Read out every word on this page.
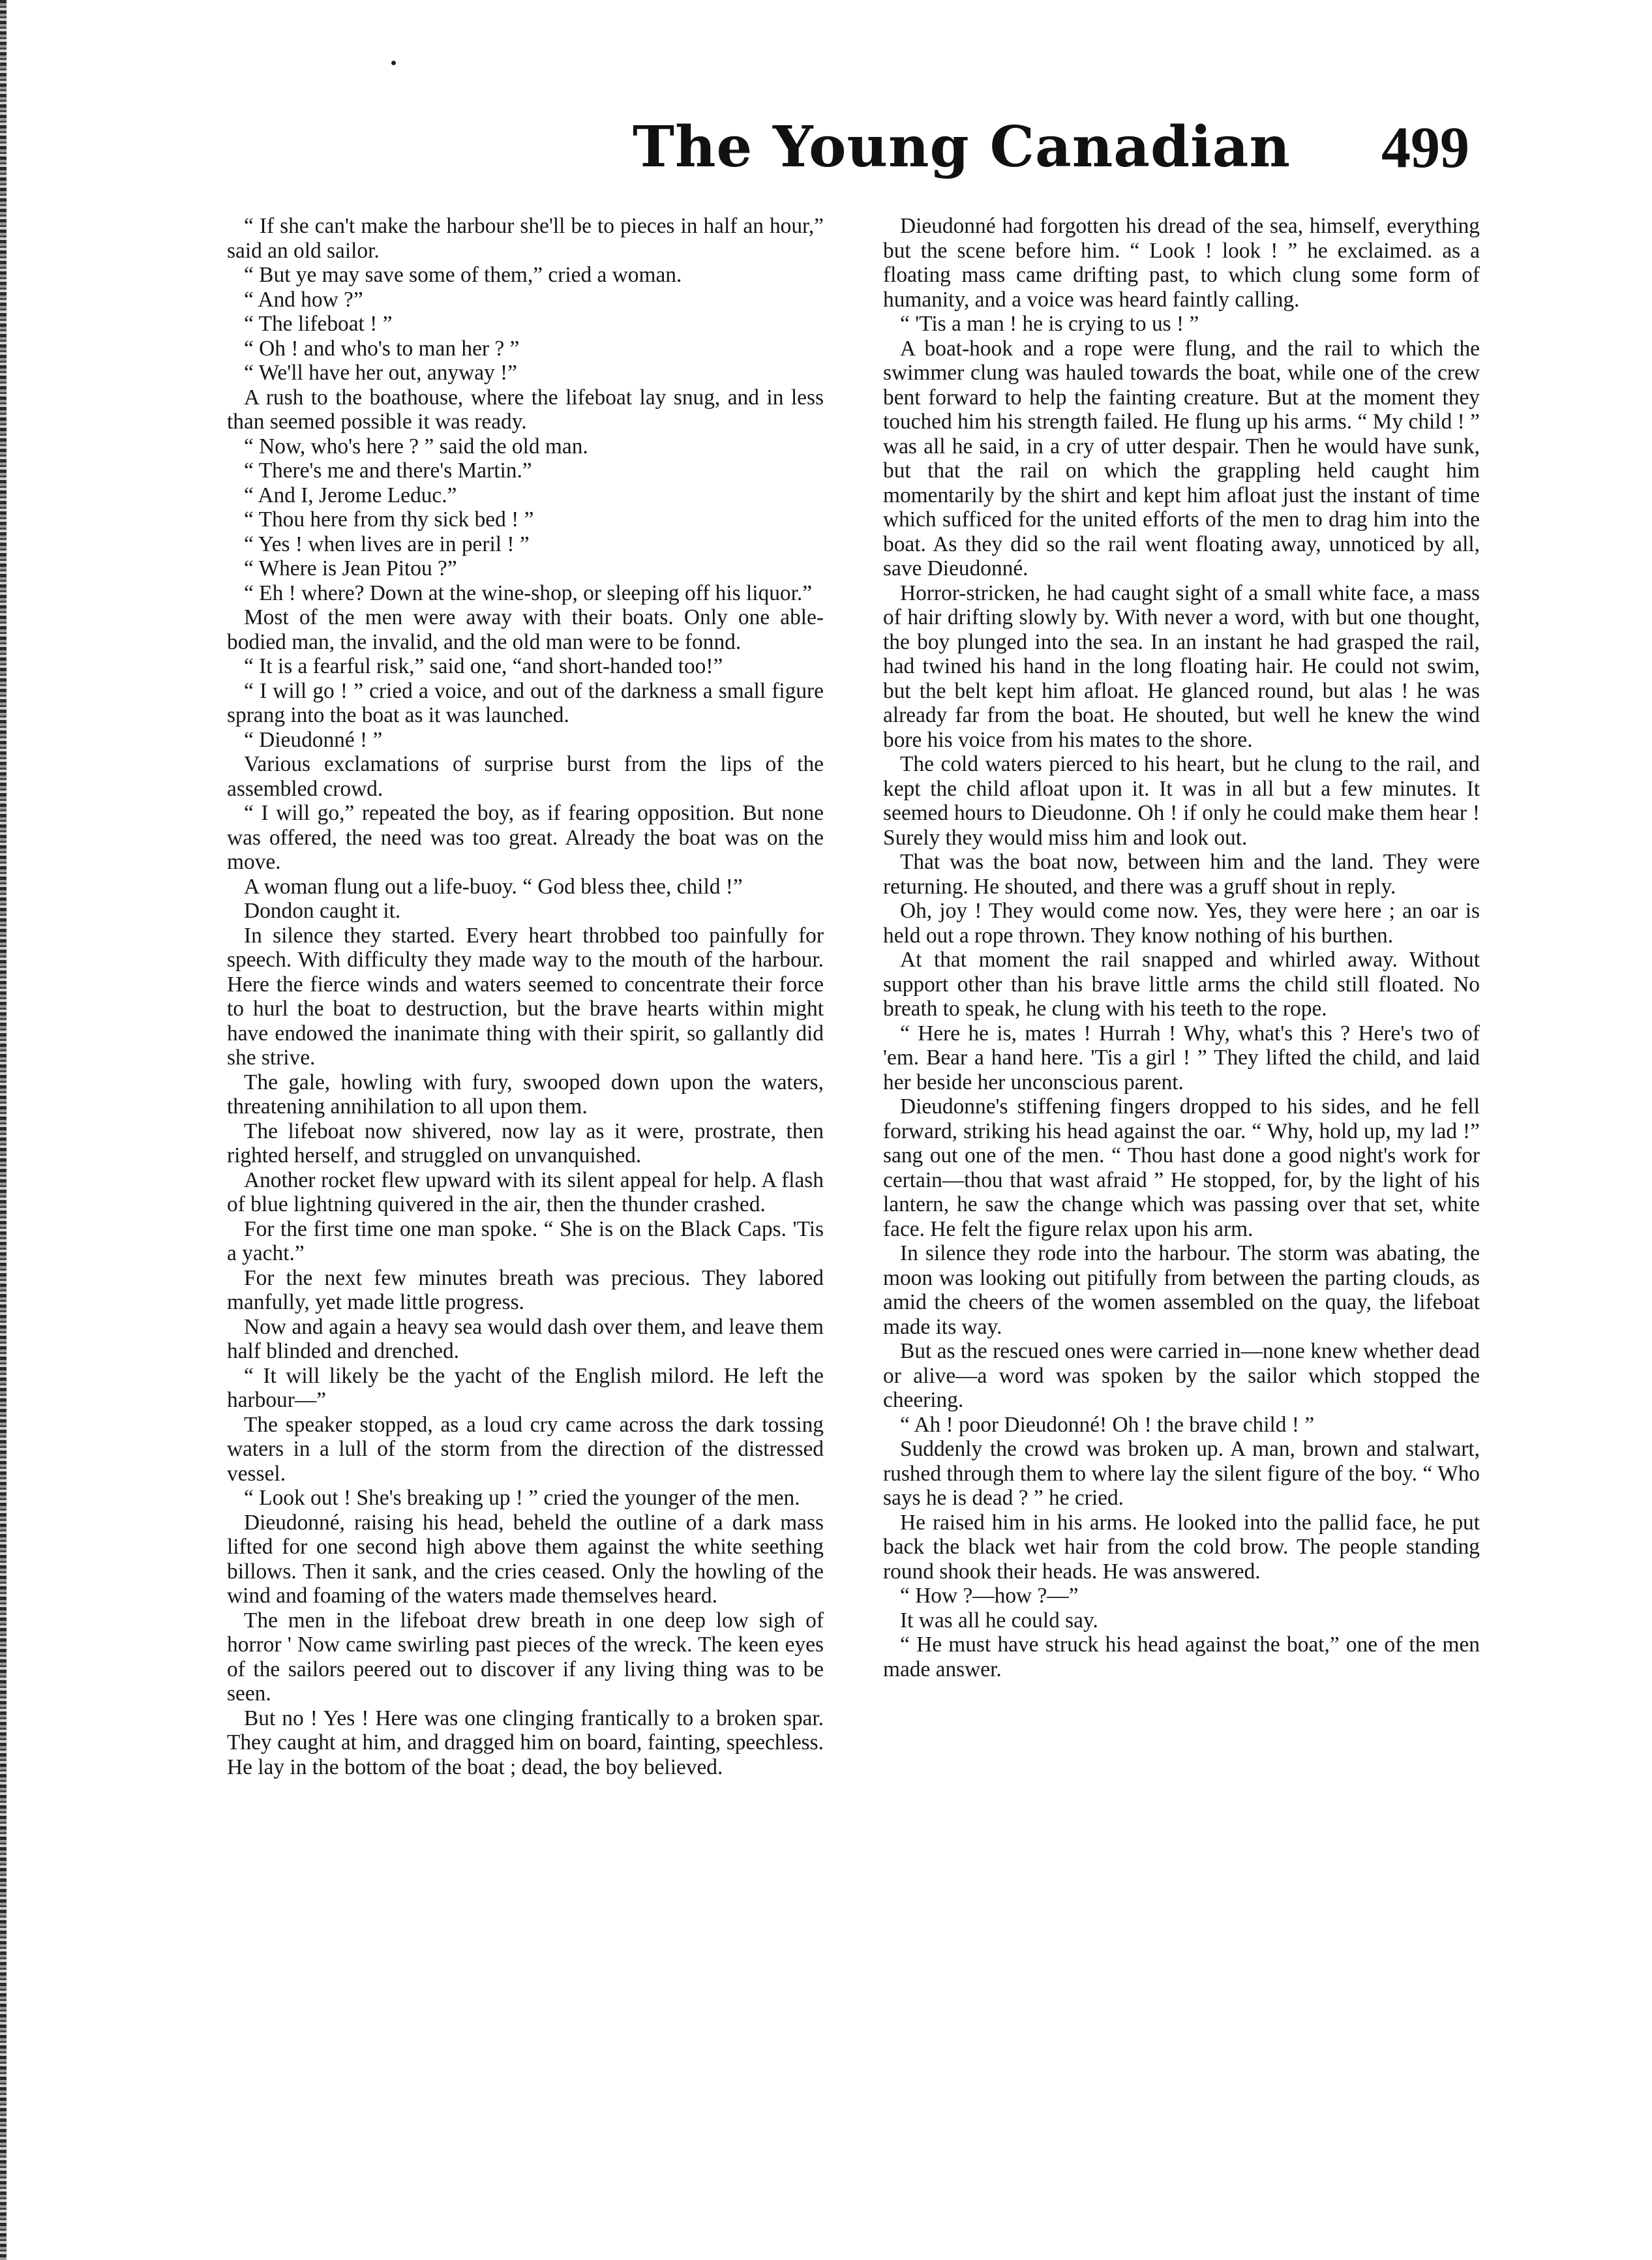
The Young Canadian 499

“ If she can't make the harbour she'll be to pieces in half an hour,” said an old sailor.

“ But ye may save some of them,” cried a woman.

“ And how ?”

“ The lifeboat ! ”

“ Oh ! and who's to man her ? ”

“ We'll have her out, anyway !”

A rush to the boathouse, where the lifeboat lay snug, and in less than seemed possible it was ready.

“ Now, who's here ? ” said the old man.

“ There's me and there's Martin.”

“ And I, Jerome Leduc.”

“ Thou here from thy sick bed ! ”

“ Yes ! when lives are in peril ! ”

“ Where is Jean Pitou ?”

“ Eh ! where? Down at the wine-shop, or sleeping off his liquor.”

Most of the men were away with their boats. Only one able-bodied man, the invalid, and the old man were to be fonnd.

“ It is a fearful risk,” said one, “and short-handed too!”

“ I will go ! ” cried a voice, and out of the darkness a small figure sprang into the boat as it was launched.

“ Dieudonné ! ”

Various exclamations of surprise burst from the lips of the assembled crowd.

“ I will go,” repeated the boy, as if fearing opposition. But none was offered, the need was too great. Already the boat was on the move.

A woman flung out a life-buoy. “ God bless thee, child !”

Dondon caught it.

In silence they started. Every heart throbbed too painfully for speech. With difficulty they made way to the mouth of the harbour. Here the fierce winds and waters seemed to concentrate their force to hurl the boat to destruction, but the brave hearts within might have endowed the inanimate thing with their spirit, so gallantly did she strive.

The gale, howling with fury, swooped down upon the waters, threatening annihilation to all upon them.

The lifeboat now shivered, now lay as it were, prostrate, then righted herself, and struggled on unvanquished.

Another rocket flew upward with its silent appeal for help. A flash of blue lightning quivered in the air, then the thunder crashed.

For the first time one man spoke. “ She is on the Black Caps. 'Tis a yacht.”

For the next few minutes breath was precious. They labored manfully, yet made little progress.

Now and again a heavy sea would dash over them, and leave them half blinded and drenched.

“ It will likely be the yacht of the English milord. He left the harbour—”

The speaker stopped, as a loud cry came across the dark tossing waters in a lull of the storm from the direction of the distressed vessel.

“ Look out ! She's breaking up ! ” cried the younger of the men.

Dieudonné, raising his head, beheld the outline of a dark mass lifted for one second high above them against the white seething billows. Then it sank, and the cries ceased. Only the howling of the wind and foaming of the waters made themselves heard.

The men in the lifeboat drew breath in one deep low sigh of horror ' Now came swirling past pieces of the wreck. The keen eyes of the sailors peered out to discover if any living thing was to be seen.

But no ! Yes ! Here was one clinging frantically to a broken spar. They caught at him, and dragged him on board, fainting, speechless. He lay in the bottom of the boat ; dead, the boy believed.

Dieudonné had forgotten his dread of the sea, himself, everything but the scene before him. “ Look ! look ! ” he exclaimed. as a floating mass came drifting past, to which clung some form of humanity, and a voice was heard faintly calling.

“ 'Tis a man ! he is crying to us ! ”

A boat-hook and a rope were flung, and the rail to which the swimmer clung was hauled towards the boat, while one of the crew bent forward to help the fainting creature. But at the moment they touched him his strength failed. He flung up his arms. “ My child ! ” was all he said, in a cry of utter despair. Then he would have sunk, but that the rail on which the grappling held caught him momentarily by the shirt and kept him afloat just the instant of time which sufficed for the united efforts of the men to drag him into the boat. As they did so the rail went floating away, unnoticed by all, save Dieudonné.

Horror-stricken, he had caught sight of a small white face, a mass of hair drifting slowly by. With never a word, with but one thought, the boy plunged into the sea. In an instant he had grasped the rail, had twined his hand in the long floating hair. He could not swim, but the belt kept him afloat. He glanced round, but alas ! he was already far from the boat. He shouted, but well he knew the wind bore his voice from his mates to the shore.

The cold waters pierced to his heart, but he clung to the rail, and kept the child afloat upon it. It was in all but a few minutes. It seemed hours to Dieudonne. Oh ! if only he could make them hear ! Surely they would miss him and look out.

That was the boat now, between him and the land. They were returning. He shouted, and there was a gruff shout in reply.

Oh, joy ! They would come now. Yes, they were here ; an oar is held out a rope thrown. They know nothing of his burthen.

At that moment the rail snapped and whirled away. Without support other than his brave little arms the child still floated. No breath to speak, he clung with his teeth to the rope.

“ Here he is, mates ! Hurrah ! Why, what's this ? Here's two of 'em. Bear a hand here. 'Tis a girl ! ” They lifted the child, and laid her beside her unconscious parent.

Dieudonne's stiffening fingers dropped to his sides, and he fell forward, striking his head against the oar. “ Why, hold up, my lad !” sang out one of the men. “ Thou hast done a good night's work for certain—thou that wast afraid ” He stopped, for, by the light of his lantern, he saw the change which was passing over that set, white face. He felt the figure relax upon his arm.

In silence they rode into the harbour. The storm was abating, the moon was looking out pitifully from between the parting clouds, as amid the cheers of the women assembled on the quay, the lifeboat made its way.

But as the rescued ones were carried in—none knew whether dead or alive—a word was spoken by the sailor which stopped the cheering.

“ Ah ! poor Dieudonné! Oh ! the brave child ! ”

Suddenly the crowd was broken up. A man, brown and stalwart, rushed through them to where lay the silent figure of the boy. “ Who says he is dead ? ” he cried.

He raised him in his arms. He looked into the pallid face, he put back the black wet hair from the cold brow. The people standing round shook their heads. He was answered.

“ How ?—how ?—”

It was all he could say.

“ He must have struck his head against the boat,” one of the men made answer.
